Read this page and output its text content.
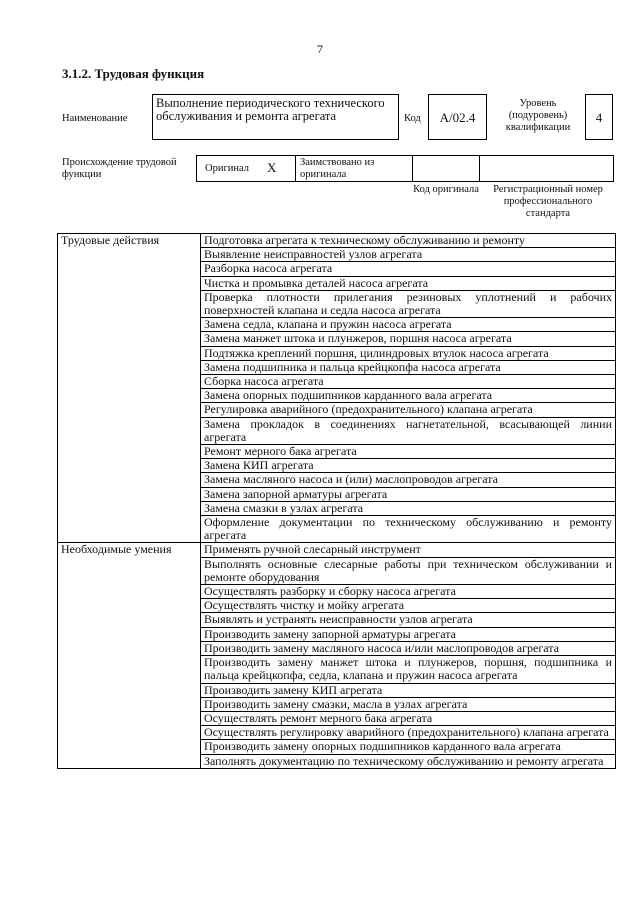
7
3.1.2. Трудовая функция
Наименование
Выполнение периодического технического обслуживания и ремонта агрегата	Код	A/02.4
Уровень (подуровень) квалификации
4
Происхождение трудовой функции
Оригинал X Заимствовано из оригинала
Код оригинала	Регистрационный номер профессионального стандарта
Трудовые действия	Подготовка агрегата к техническому обслуживанию и ремонту
	Выявление неисправностей узлов агрегата
	Разборка насоса агрегата
	Чистка и промывка деталей насоса агрегата
	Проверка плотности прилегания резиновых уплотнений и рабочих поверхностей клапана и седла насоса агрегата
	Замена седла, клапана и пружин насоса агрегата
	Замена манжет штока и плунжеров, поршня насоса агрегата
	Подтяжка креплений поршня, цилиндровых втулок насоса агрегата
	Замена подшипника и пальца крейцкопфа насоса агрегата
	Сборка насоса агрегата
	Замена опорных подшипников карданного вала агрегата
	Регулировка аварийного (предохранительного) клапана агрегата
	Замена прокладок в соединениях нагнетательной, всасывающей линии агрегата
	Ремонт мерного бака агрегата
	Замена КИП агрегата
	Замена масляного насоса и (или) маслопроводов агрегата
	Замена запорной арматуры агрегата
	Замена смазки в узлах агрегата
	Оформление документации по техническому обслуживанию и ремонту агрегата
Необходимые умения	Применять ручной слесарный инструмент
	Выполнять основные слесарные работы при техническом обслуживании и ремонте оборудования
	Осуществлять разборку и сборку насоса агрегата
	Осуществлять чистку и мойку агрегата
	Выявлять и устранять неисправности узлов агрегата
	Производить замену запорной арматуры агрегата
	Производить замену масляного насоса и/или маслопроводов агрегата
	Производить замену манжет штока и плунжеров, поршня, подшипника и пальца крейцкопфа, седла, клапана и пружин насоса агрегата
	Производить замену КИП агрегата
	Производить замену смазки, масла в узлах агрегата
	Осуществлять ремонт мерного бака агрегата
	Осуществлять регулировку аварийного (предохранительного) клапана агрегата
	Производить замену опорных подшипников карданного вала агрегата
	Заполнять документацию по техническому обслуживанию и ремонту агрегата
